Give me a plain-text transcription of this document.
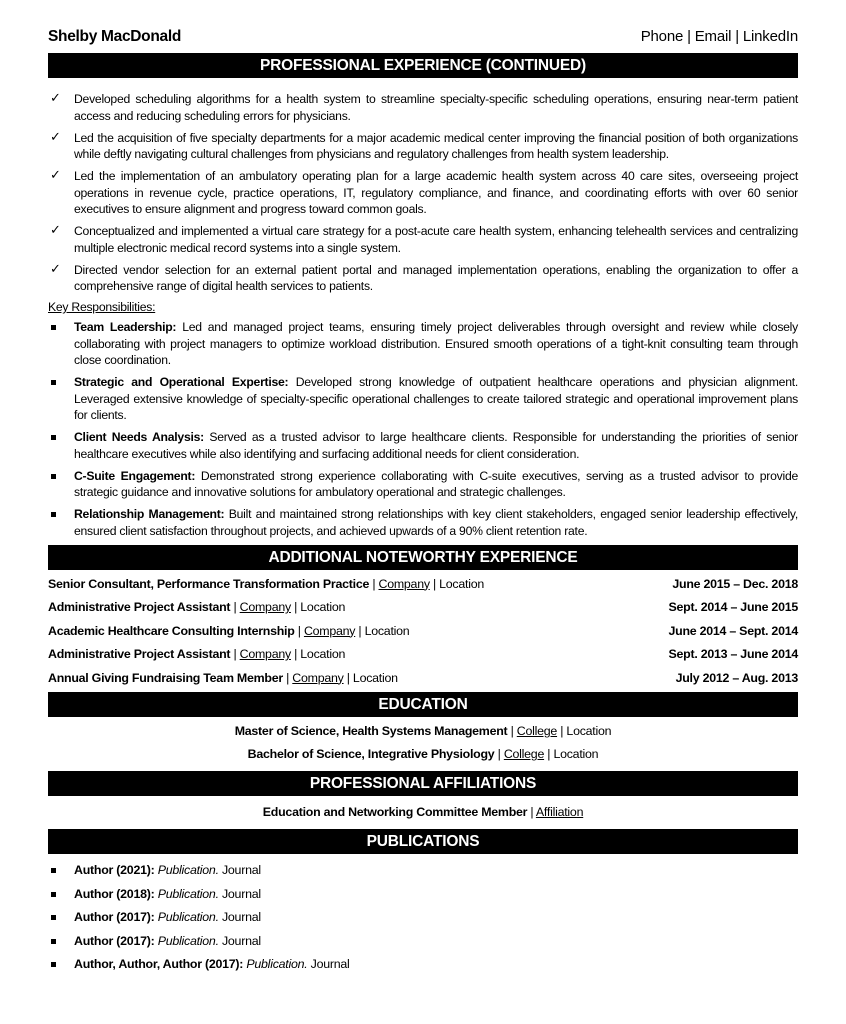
Shelby MacDonald	Phone | Email | LinkedIn
PROFESSIONAL EXPERIENCE (CONTINUED)
✓ Developed scheduling algorithms for a health system to streamline specialty-specific scheduling operations, ensuring near-term patient access and reducing scheduling errors for physicians.
✓ Led the acquisition of five specialty departments for a major academic medical center improving the financial position of both organizations while deftly navigating cultural challenges from physicians and regulatory challenges from health system leadership.
✓ Led the implementation of an ambulatory operating plan for a large academic health system across 40 care sites, overseeing project operations in revenue cycle, practice operations, IT, regulatory compliance, and finance, and coordinating efforts with over 60 senior executives to ensure alignment and progress toward common goals.
✓ Conceptualized and implemented a virtual care strategy for a post-acute care health system, enhancing telehealth services and centralizing multiple electronic medical record systems into a single system.
✓ Directed vendor selection for an external patient portal and managed implementation operations, enabling the organization to offer a comprehensive range of digital health services to patients.
Key Responsibilities:
Team Leadership: Led and managed project teams, ensuring timely project deliverables through oversight and review while closely collaborating with project managers to optimize workload distribution. Ensured smooth operations of a tight-knit consulting team through close coordination.
Strategic and Operational Expertise: Developed strong knowledge of outpatient healthcare operations and physician alignment. Leveraged extensive knowledge of specialty-specific operational challenges to create tailored strategic and operational improvement plans for clients.
Client Needs Analysis: Served as a trusted advisor to large healthcare clients. Responsible for understanding the priorities of senior healthcare executives while also identifying and surfacing additional needs for client consideration.
C-Suite Engagement: Demonstrated strong experience collaborating with C-suite executives, serving as a trusted advisor to provide strategic guidance and innovative solutions for ambulatory operational and strategic challenges.
Relationship Management: Built and maintained strong relationships with key client stakeholders, engaged senior leadership effectively, ensured client satisfaction throughout projects, and achieved upwards of a 90% client retention rate.
ADDITIONAL NOTEWORTHY EXPERIENCE
Senior Consultant, Performance Transformation Practice | Company | Location	June 2015 – Dec. 2018
Administrative Project Assistant | Company | Location	Sept. 2014 – June 2015
Academic Healthcare Consulting Internship | Company | Location	June 2014 – Sept. 2014
Administrative Project Assistant | Company | Location	Sept. 2013 – June 2014
Annual Giving Fundraising Team Member | Company | Location	July 2012 – Aug. 2013
EDUCATION
Master of Science, Health Systems Management | College | Location
Bachelor of Science, Integrative Physiology | College | Location
PROFESSIONAL AFFILIATIONS
Education and Networking Committee Member | Affiliation
PUBLICATIONS
Author (2021): Publication. Journal
Author (2018): Publication. Journal
Author (2017): Publication. Journal
Author (2017): Publication. Journal
Author, Author, Author (2017): Publication. Journal
